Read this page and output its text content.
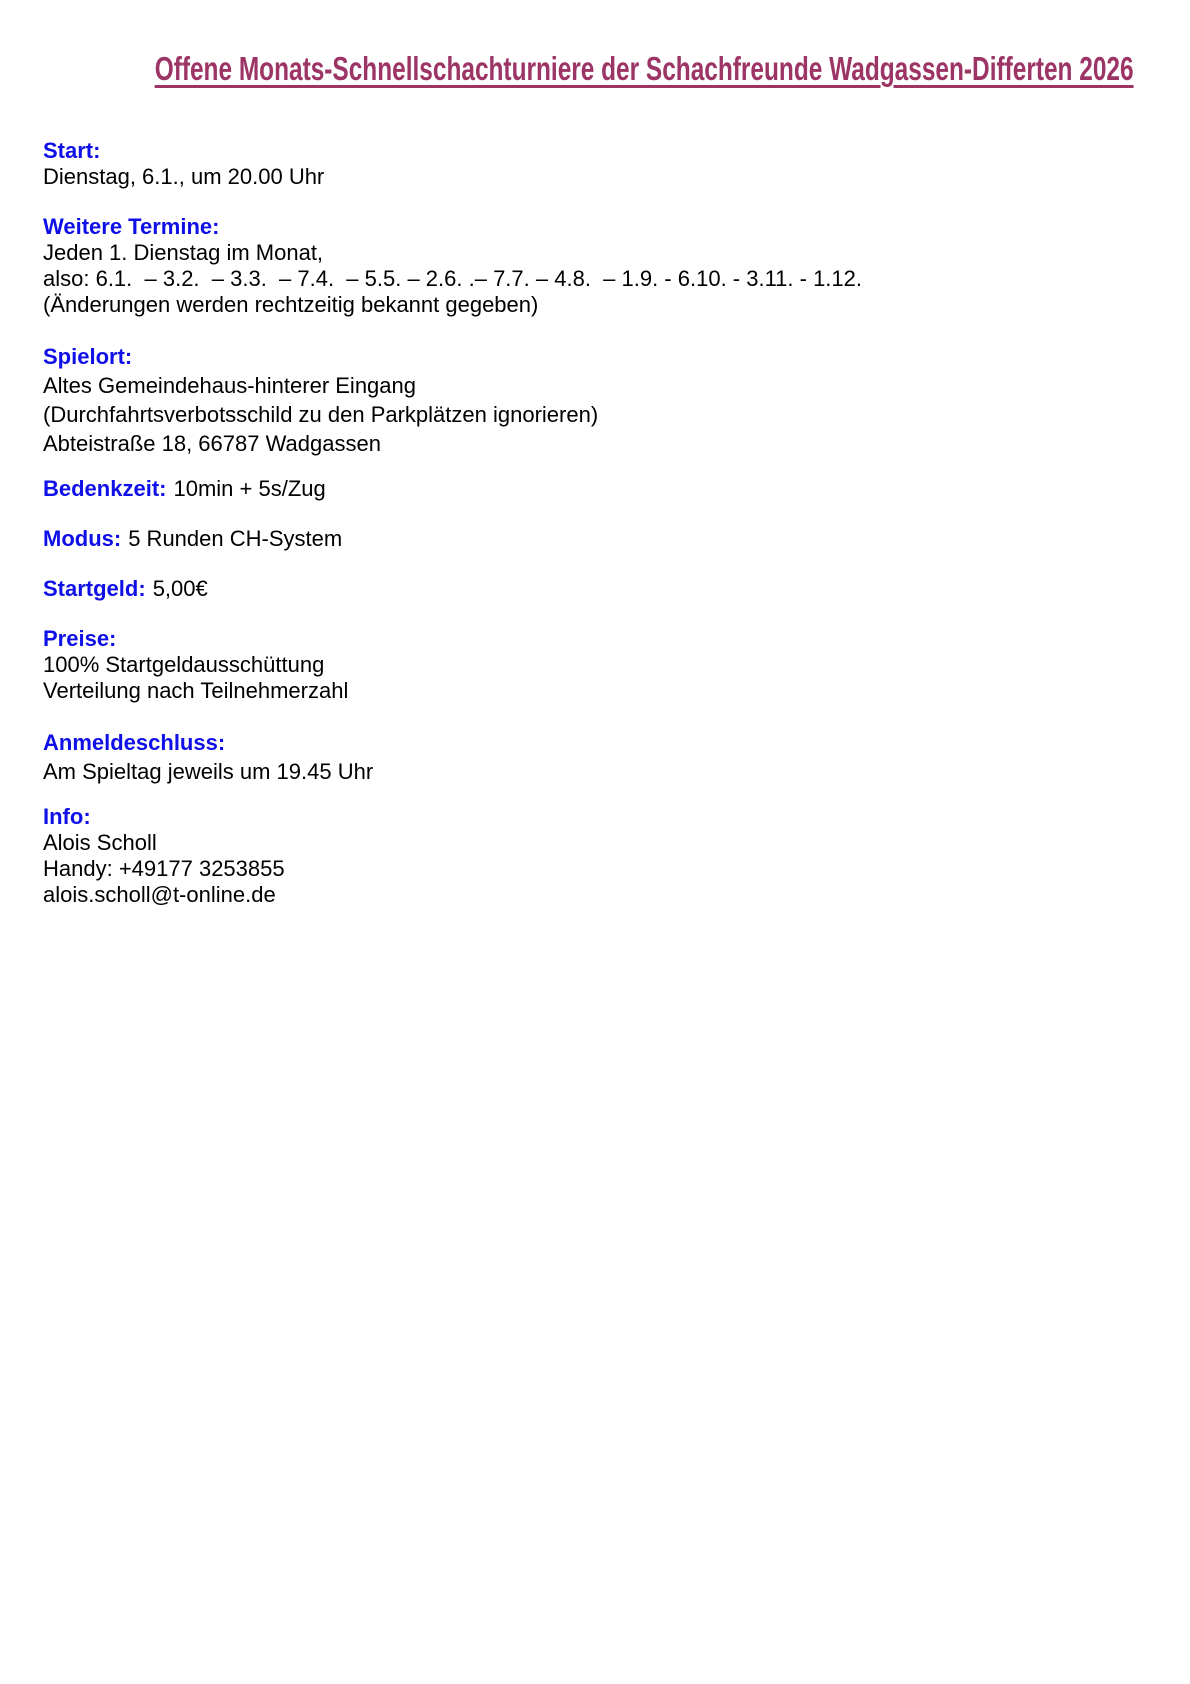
Offene Monats-Schnellschachturniere der Schachfreunde Wadgassen-Differten 2026

Start:

Dienstag, 6.1., um 20.00 Uhr

Weitere Termine:

Jeden 1. Dienstag im Monat,

also: 6.1.  – 3.2.  – 3.3.  – 7.4.  – 5.5. – 2.6. .– 7.7. – 4.8.  – 1.9. - 6.10. - 3.11. - 1.12.

(Änderungen werden rechtzeitig bekannt gegeben)

Spielort:

Altes Gemeindehaus-hinterer Eingang

(Durchfahrtsverbotsschild zu den Parkplätzen ignorieren)

Abteistraße 18, 66787 Wadgassen

Bedenkzeit: 10min + 5s/Zug

Modus: 5 Runden CH-System

Startgeld: 5,00€

Preise:

100% Startgeldausschüttung

Verteilung nach Teilnehmerzahl

Anmeldeschluss:

Am Spieltag jeweils um 19.45 Uhr

Info:

Alois Scholl

Handy: +49177 3253855

alois.scholl@t-online.de
